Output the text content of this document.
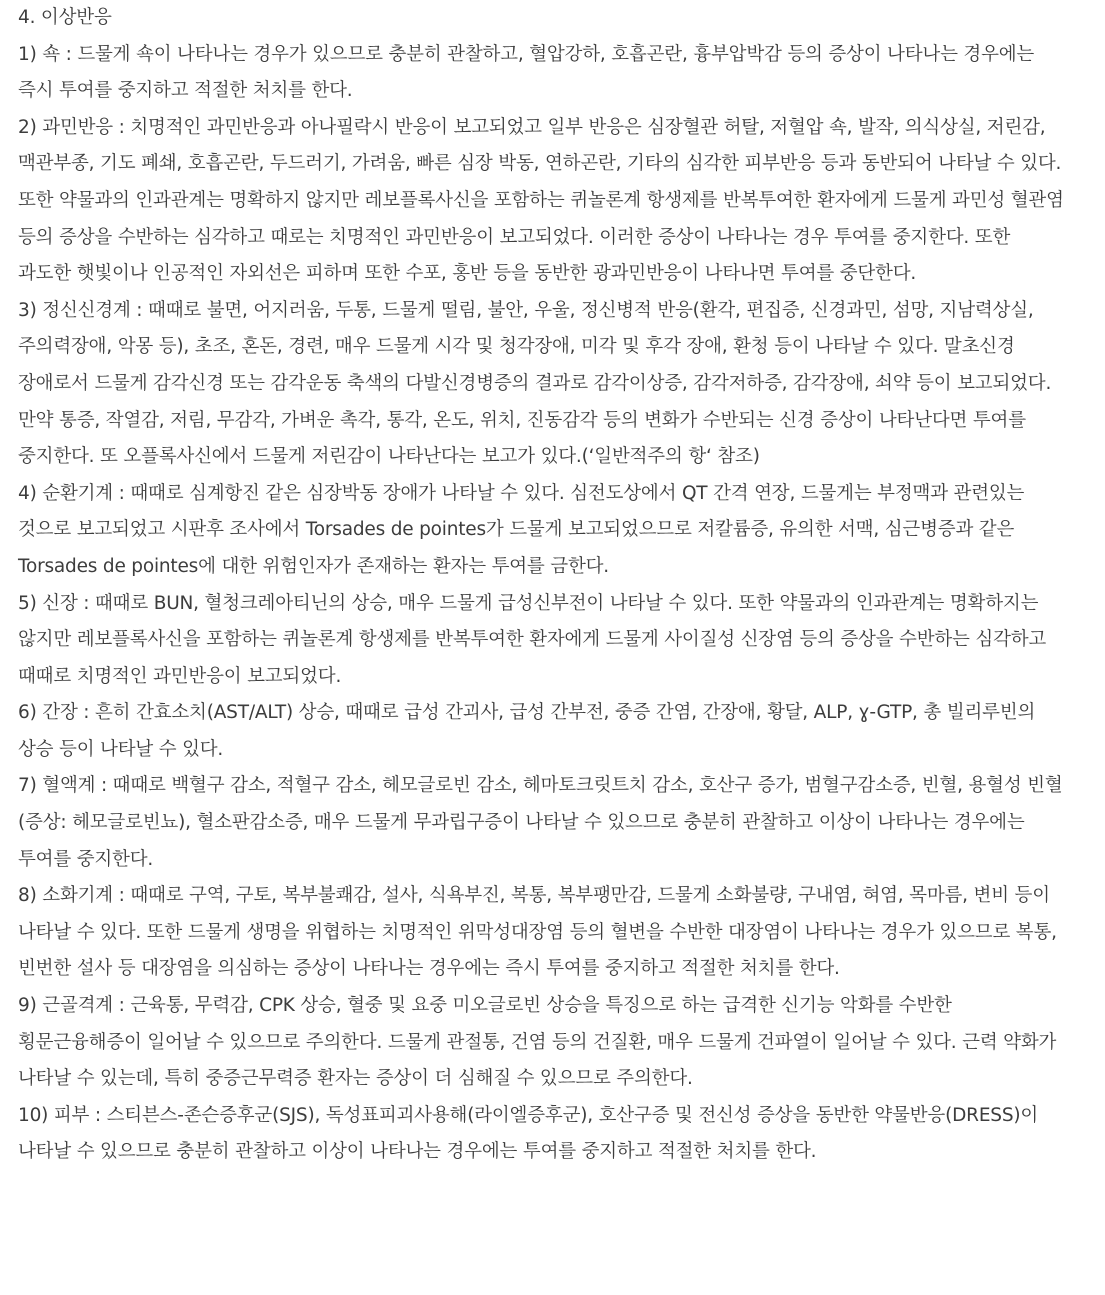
4. 이상반응

1) 쇽 : 드물게 쇽이 나타나는 경우가 있으므로 충분히 관찰하고, 혈압강하, 호흡곤란, 흉부압박감 등의 증상이 나타나는 경우에는 즉시 투여를 중지하고 적절한 처치를 한다.

2) 과민반응 : 치명적인 과민반응과 아나필락시 반응이 보고되었고 일부 반응은 심장혈관 허탈, 저혈압 쇽, 발작, 의식상실, 저린감, 맥관부종, 기도 폐쇄, 호흡곤란, 두드러기, 가려움, 빠른 심장 박동, 연하곤란, 기타의 심각한 피부반응 등과 동반되어 나타날 수 있다. 또한 약물과의 인과관계는 명확하지 않지만 레보플록사신을 포함하는 퀴놀론계 항생제를 반복투여한 환자에게 드물게 과민성 혈관염 등의 증상을 수반하는 심각하고 때로는 치명적인 과민반응이 보고되었다. 이러한 증상이 나타나는 경우 투여를 중지한다. 또한 과도한 햇빛이나 인공적인 자외선은 피하며 또한 수포, 홍반 등을 동반한 광과민반응이 나타나면 투여를 중단한다.

3) 정신신경계 : 때때로 불면, 어지러움, 두통, 드물게 떨림, 불안, 우울, 정신병적 반응(환각, 편집증, 신경과민, 섬망, 지남력상실, 주의력장애, 악몽 등), 초조, 혼돈, 경련, 매우 드물게 시각 및 청각장애, 미각 및 후각 장애, 환청 등이 나타날 수 있다. 말초신경 장애로서 드물게 감각신경 또는 감각운동 축색의 다발신경병증의 결과로 감각이상증, 감각저하증, 감각장애, 쇠약 등이 보고되었다. 만약 통증, 작열감, 저림, 무감각, 가벼운 촉각, 통각, 온도, 위치, 진동감각 등의 변화가 수반되는 신경 증상이 나타난다면 투여를 중지한다. 또 오플록사신에서 드물게 저린감이 나타난다는 보고가 있다.(‘일반적주의 항‘ 참조)

4) 순환기계 : 때때로 심계항진 같은 심장박동 장애가 나타날 수 있다. 심전도상에서 QT 간격 연장, 드물게는 부정맥과 관련있는 것으로 보고되었고 시판후 조사에서 Torsades de pointes가 드물게 보고되었으므로 저칼륨증, 유의한 서맥, 심근병증과 같은 Torsades de pointes에 대한 위험인자가 존재하는 환자는 투여를 금한다.

5) 신장 : 때때로 BUN, 혈청크레아티닌의 상승, 매우 드물게 급성신부전이 나타날 수 있다. 또한 약물과의 인과관계는 명확하지는 않지만 레보플록사신을 포함하는 퀴놀론계 항생제를 반복투여한 환자에게 드물게 사이질성 신장염 등의 증상을 수반하는 심각하고 때때로 치명적인 과민반응이 보고되었다.

6) 간장 : 흔히 간효소치(AST/ALT) 상승, 때때로 급성 간괴사, 급성 간부전, 중증 간염, 간장애, 황달, ALP, ɣ-GTP, 총 빌리루빈의 상승 등이 나타날 수 있다.

7) 혈액계 : 때때로 백혈구 감소, 적혈구 감소, 헤모글로빈 감소, 헤마토크릿트치 감소, 호산구 증가, 범혈구감소증, 빈혈, 용혈성 빈혈(증상: 헤모글로빈뇨), 혈소판감소증, 매우 드물게 무과립구증이 나타날 수 있으므로 충분히 관찰하고 이상이 나타나는 경우에는 투여를 중지한다.

8) 소화기계 : 때때로 구역, 구토, 복부불쾌감, 설사, 식욕부진, 복통, 복부팽만감, 드물게 소화불량, 구내염, 혀염, 목마름, 변비 등이 나타날 수 있다. 또한 드물게 생명을 위협하는 치명적인 위막성대장염 등의 혈변을 수반한 대장염이 나타나는 경우가 있으므로 복통, 빈번한 설사 등 대장염을 의심하는 증상이 나타나는 경우에는 즉시 투여를 중지하고 적절한 처치를 한다.

9) 근골격계 : 근육통, 무력감, CPK 상승, 혈중 및 요중 미오글로빈 상승을 특징으로 하는 급격한 신기능 악화를 수반한 횡문근융해증이 일어날 수 있으므로 주의한다. 드물게 관절통, 건염 등의 건질환, 매우 드물게 건파열이 일어날 수 있다. 근력 약화가 나타날 수 있는데, 특히 중증근무력증 환자는 증상이 더 심해질 수 있으므로 주의한다.

10) 피부 : 스티븐스-존슨증후군(SJS), 독성표피괴사용해(라이엘증후군), 호산구증 및 전신성 증상을 동반한 약물반응(DRESS)이 나타날 수 있으므로 충분히 관찰하고 이상이 나타나는 경우에는 투여를 중지하고 적절한 처치를 한다.
